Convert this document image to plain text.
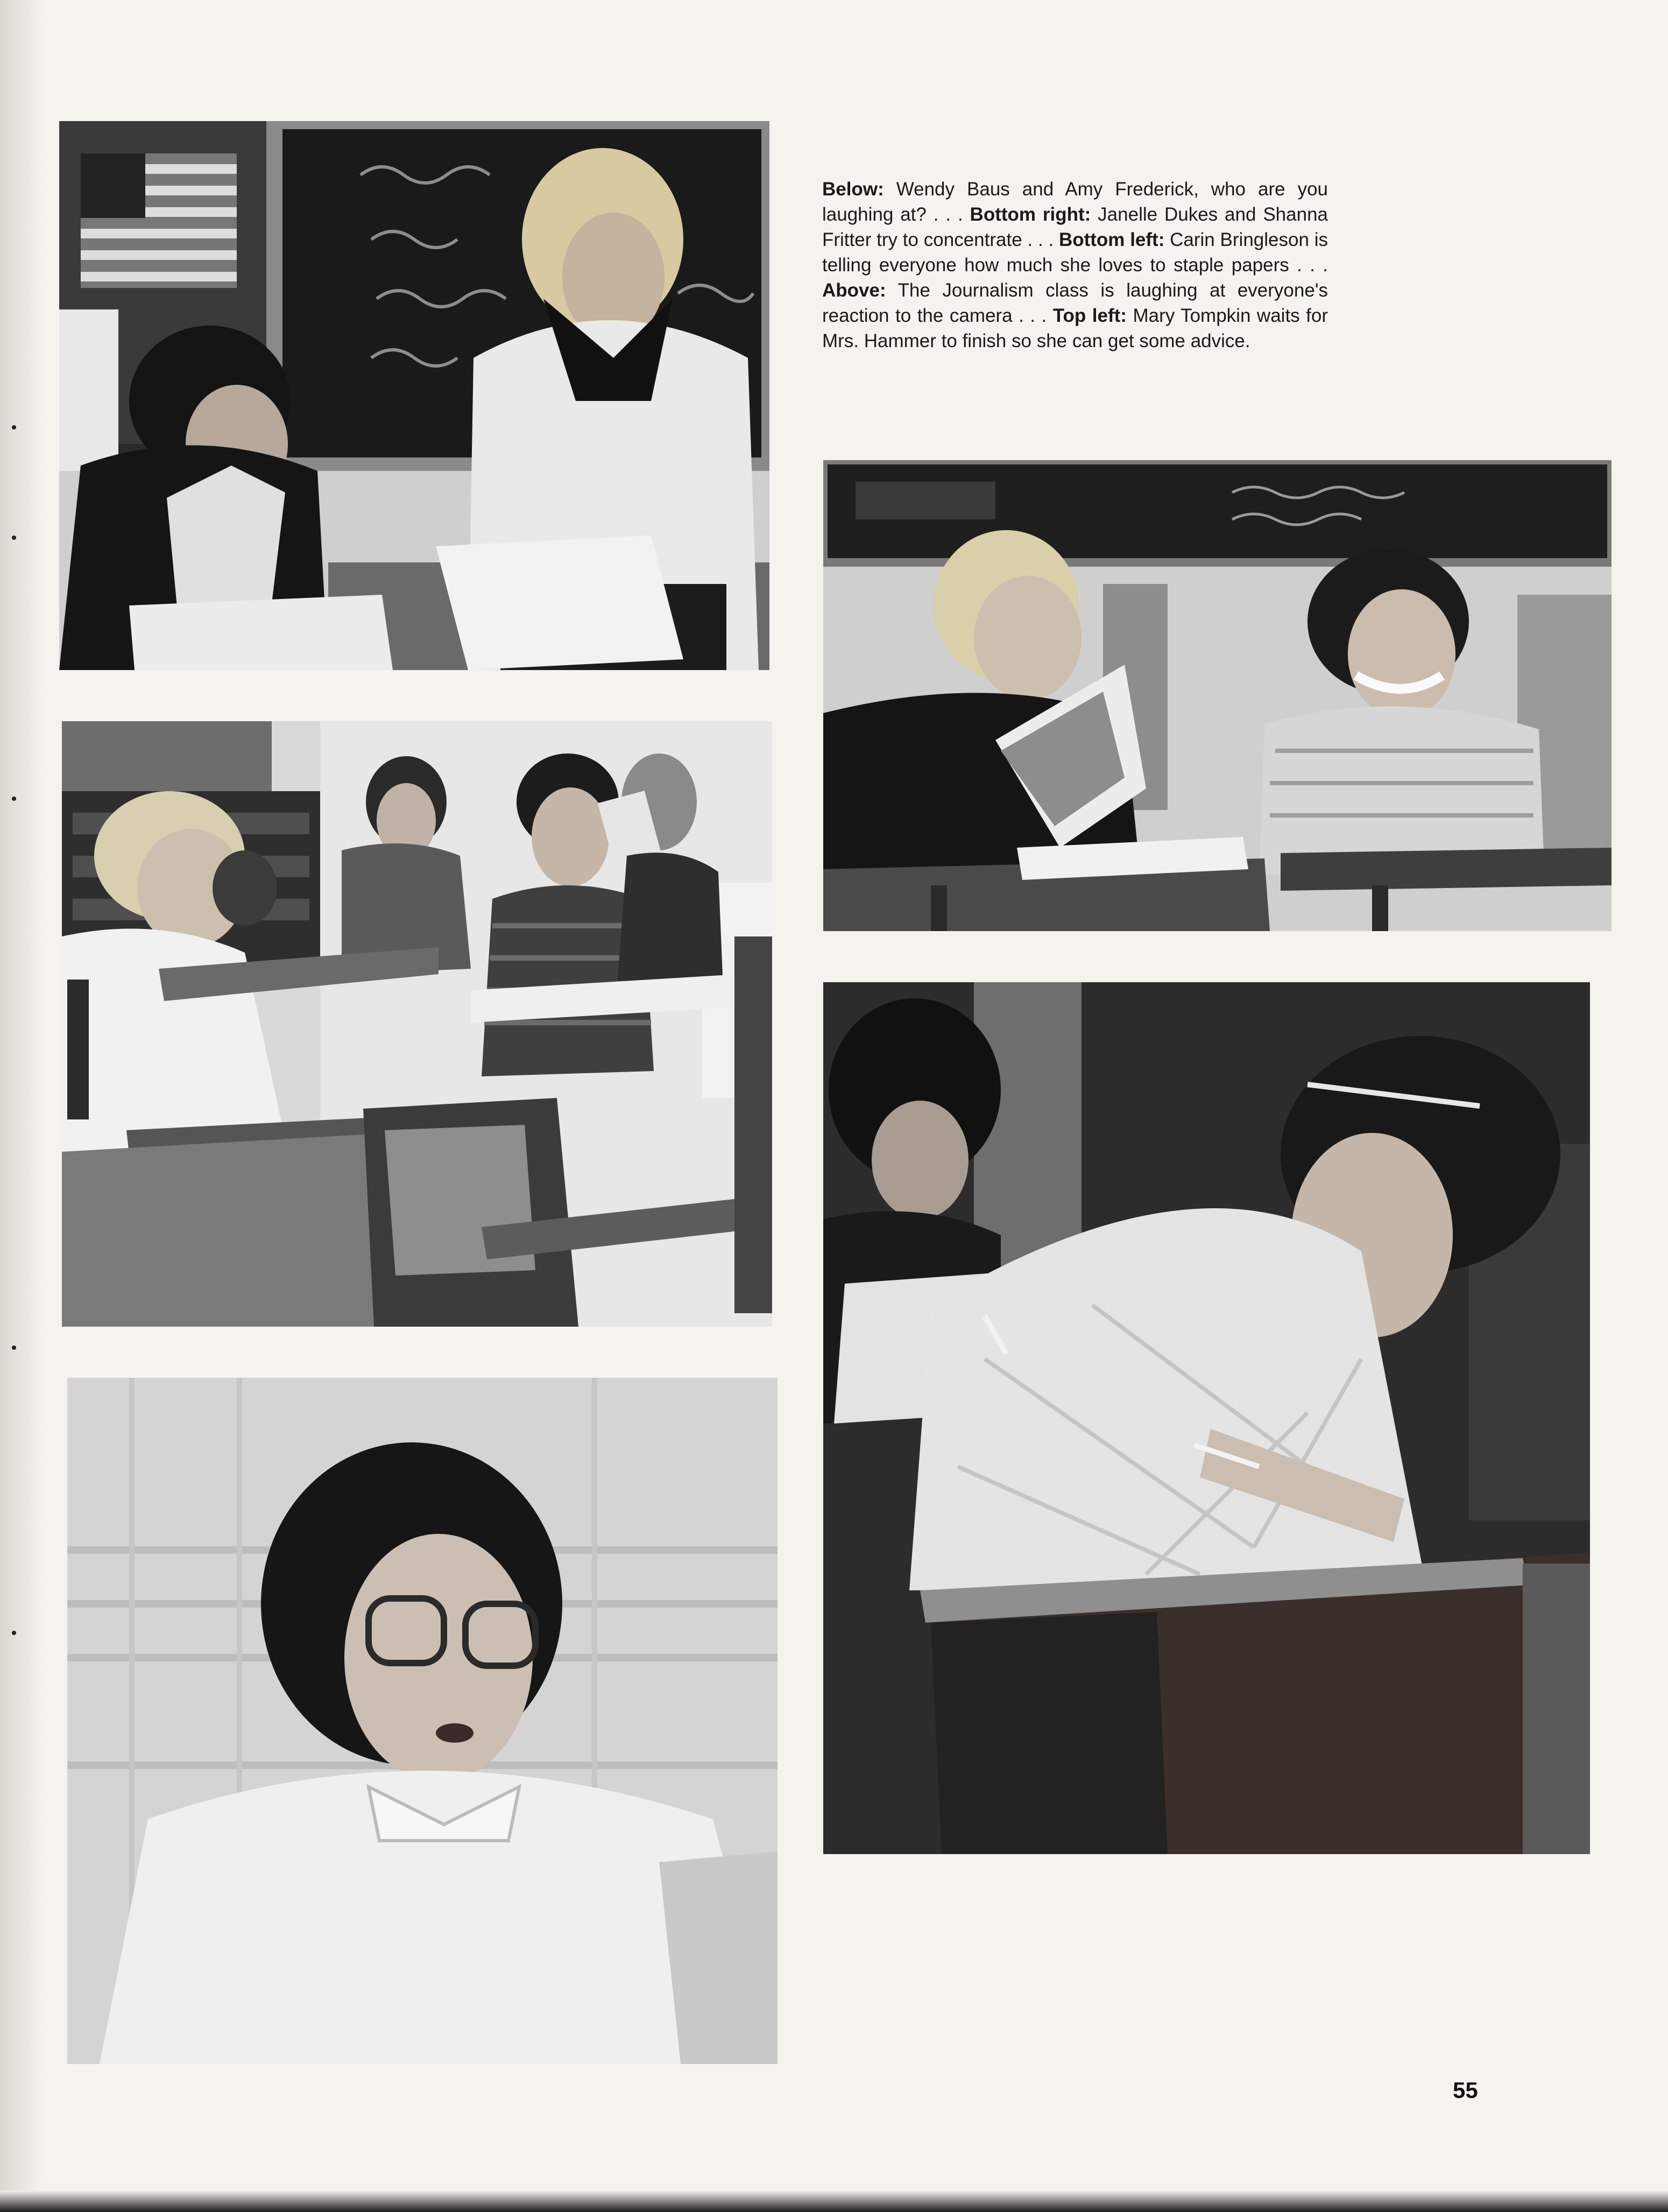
Below: Wendy Baus and Amy Frederick, who are you laughing at? . . . Bottom right: Janelle Dukes and Shanna Fritter try to concentrate . . . Bottom left: Carin Bringleson is telling everyone how much she loves to staple papers . . . Above: The Journalism class is laughing at everyone's reaction to the camera . . . Top left: Mary Tompkin waits for Mrs. Hammer to finish so she can get some advice.
55
